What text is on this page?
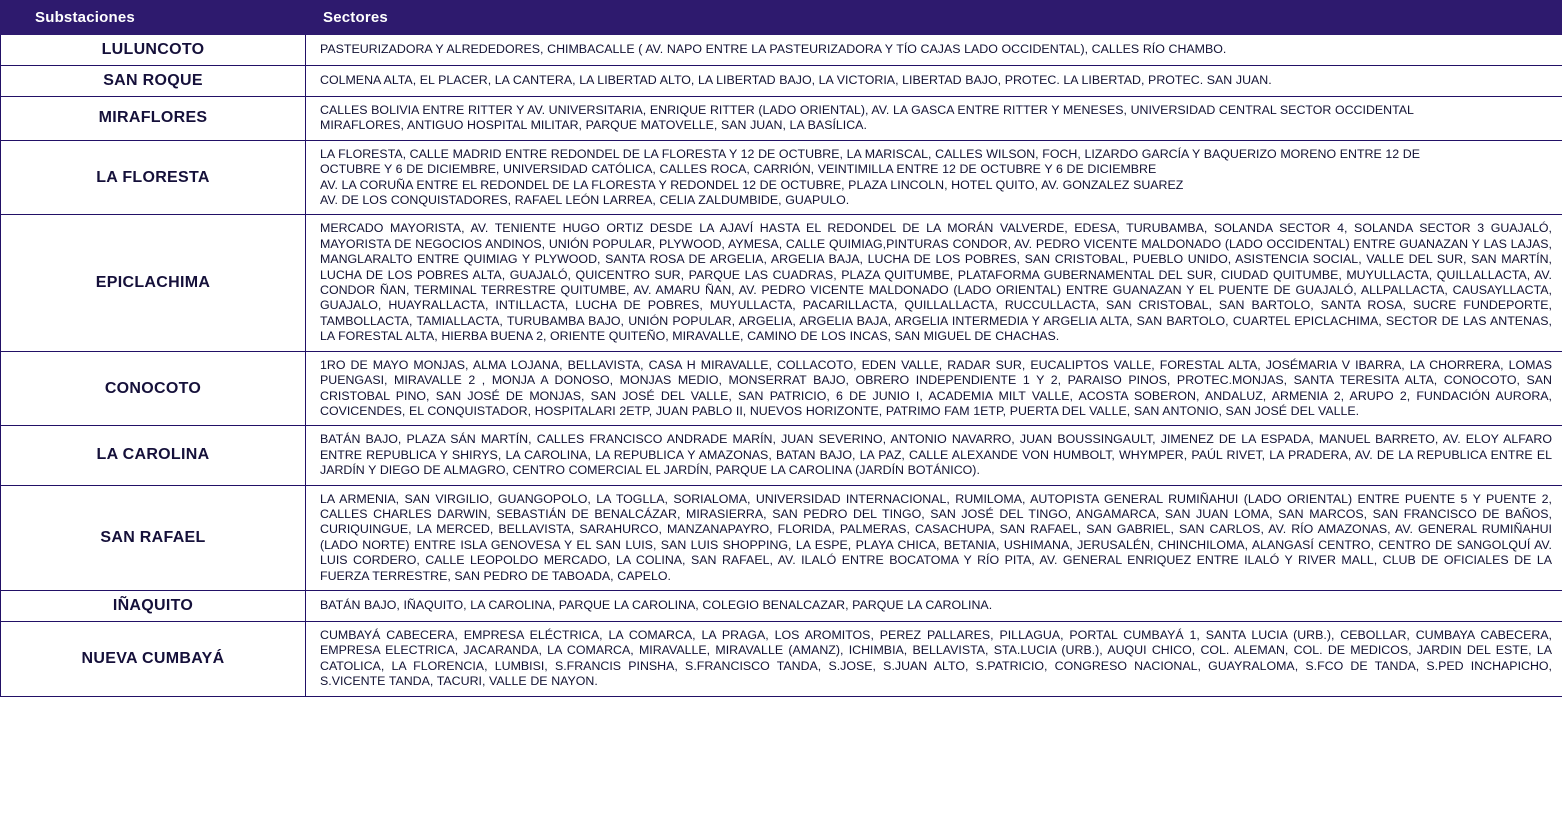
Substaciones	Sectores
LULUNCOTO	PASTEURIZADORA Y ALREDEDORES, CHIMBACALLE ( AV. NAPO ENTRE LA PASTEURIZADORA Y TÍO CAJAS LADO OCCIDENTAL), CALLES RÍO CHAMBO.

SAN ROQUE	COLMENA ALTA, EL PLACER, LA CANTERA, LA LIBERTAD ALTO, LA LIBERTAD BAJO, LA VICTORIA, LIBERTAD BAJO, PROTEC. LA LIBERTAD, PROTEC. SAN JUAN.

MIRAFLORES	CALLES BOLIVIA ENTRE RITTER Y AV. UNIVERSITARIA, ENRIQUE RITTER (LADO ORIENTAL), AV. LA GASCA ENTRE RITTER Y MENESES, UNIVERSIDAD CENTRAL SECTOR OCCIDENTAL
MIRAFLORES, ANTIGUO HOSPITAL MILITAR, PARQUE MATOVELLE, SAN JUAN, LA BASÍLICA.

LA FLORESTA	LA FLORESTA, CALLE MADRID ENTRE REDONDEL DE LA FLORESTA Y 12 DE OCTUBRE, LA MARISCAL, CALLES WILSON, FOCH, LIZARDO GARCÍA Y BAQUERIZO MORENO ENTRE 12 DE
OCTUBRE Y 6 DE DICIEMBRE, UNIVERSIDAD CATÓLICA, CALLES ROCA, CARRIÓN, VEINTIMILLA ENTRE 12 DE OCTUBRE Y 6 DE DICIEMBRE
AV. LA CORUÑA ENTRE EL REDONDEL DE LA FLORESTA Y REDONDEL 12 DE OCTUBRE, PLAZA LINCOLN, HOTEL QUITO, AV. GONZALEZ SUAREZ
AV. DE LOS CONQUISTADORES, RAFAEL LEÓN LARREA, CELIA ZALDUMBIDE, GUAPULO.

EPICLACHIMA	MERCADO MAYORISTA, AV. TENIENTE HUGO ORTIZ DESDE LA AJAVÍ HASTA EL REDONDEL DE LA MORÁN VALVERDE, EDESA, TURUBAMBA, SOLANDA SECTOR 4, SOLANDA SECTOR 3 GUAJALÓ, MAYORISTA DE NEGOCIOS ANDINOS, UNIÓN POPULAR, PLYWOOD, AYMESA, CALLE QUIMIAG,PINTURAS CONDOR, AV. PEDRO VICENTE MALDONADO (LADO OCCIDENTAL) ENTRE GUANAZAN Y LAS LAJAS, MANGLARALTO ENTRE QUIMIAG Y PLYWOOD, SANTA ROSA DE ARGELIA, ARGELIA BAJA, LUCHA DE LOS POBRES, SAN CRISTOBAL, PUEBLO UNIDO, ASISTENCIA SOCIAL, VALLE DEL SUR, SAN MARTÍN, LUCHA DE LOS POBRES ALTA, GUAJALÓ, QUICENTRO SUR, PARQUE LAS CUADRAS, PLAZA QUITUMBE, PLATAFORMA GUBERNAMENTAL DEL SUR, CIUDAD QUITUMBE, MUYULLACTA, QUILLALLACTA, AV. CONDOR ÑAN, TERMINAL TERRESTRE QUITUMBE, AV. AMARU ÑAN, AV. PEDRO VICENTE MALDONADO (LADO ORIENTAL) ENTRE GUANAZAN Y EL PUENTE DE GUAJALÓ, ALLPALLACTA, CAUSAYLLACTA, GUAJALO, HUAYRALLACTA, INTILLACTA, LUCHA DE POBRES, MUYULLACTA, PACARILLACTA, QUILLALLACTA, RUCCULLACTA, SAN CRISTOBAL, SAN BARTOLO, SANTA ROSA, SUCRE FUNDEPORTE, TAMBOLLACTA, TAMIALLACTA, TURUBAMBA BAJO, UNIÓN POPULAR, ARGELIA, ARGELIA BAJA, ARGELIA INTERMEDIA Y ARGELIA ALTA, SAN BARTOLO, CUARTEL EPICLACHIMA, SECTOR DE LAS ANTENAS, LA FORESTAL ALTA, HIERBA BUENA 2, ORIENTE QUITEÑO, MIRAVALLE, CAMINO DE LOS INCAS, SAN MIGUEL DE CHACHAS.

CONOCOTO	1RO DE MAYO MONJAS, ALMA LOJANA, BELLAVISTA, CASA H MIRAVALLE, COLLACOTO, EDEN VALLE, RADAR SUR, EUCALIPTOS VALLE, FORESTAL ALTA, JOSÉMARIA V IBARRA, LA CHORRERA, LOMAS PUENGASI, MIRAVALLE 2 , MONJA A DONOSO, MONJAS MEDIO, MONSERRAT BAJO, OBRERO INDEPENDIENTE 1 Y 2, PARAISO PINOS, PROTEC.MONJAS, SANTA TERESITA ALTA, CONOCOTO, SAN CRISTOBAL PINO, SAN JOSÉ DE MONJAS, SAN JOSÉ DEL VALLE, SAN PATRICIO, 6 DE JUNIO I, ACADEMIA MILT VALLE, ACOSTA SOBERON, ANDALUZ, ARMENIA 2, ARUPO 2, FUNDACIÓN AURORA, COVICENDES, EL CONQUISTADOR, HOSPITALARI 2ETP, JUAN PABLO II, NUEVOS HORIZONTE, PATRIMO FAM 1ETP, PUERTA DEL VALLE, SAN ANTONIO, SAN JOSÉ DEL VALLE.

LA CAROLINA	BATÁN BAJO, PLAZA SÁN MARTÍN, CALLES FRANCISCO ANDRADE MARÍN, JUAN SEVERINO, ANTONIO NAVARRO, JUAN BOUSSINGAULT, JIMENEZ DE LA ESPADA, MANUEL BARRETO, AV. ELOY ALFARO ENTRE REPUBLICA Y SHIRYS, LA CAROLINA, LA REPUBLICA Y AMAZONAS, BATAN BAJO, LA PAZ, CALLE ALEXANDE VON HUMBOLT, WHYMPER, PAÚL RIVET, LA PRADERA, AV. DE LA REPUBLICA ENTRE EL JARDÍN Y DIEGO DE ALMAGRO, CENTRO COMERCIAL EL JARDÍN, PARQUE LA CAROLINA (JARDÍN BOTÁNICO).

SAN RAFAEL	LA ARMENIA, SAN VIRGILIO, GUANGOPOLO, LA TOGLLA, SORIALOMA, UNIVERSIDAD INTERNACIONAL, RUMILOMA, AUTOPISTA GENERAL RUMIÑAHUI (LADO ORIENTAL) ENTRE PUENTE 5 Y PUENTE 2, CALLES CHARLES DARWIN, SEBASTIÁN DE BENALCÁZAR, MIRASIERRA, SAN PEDRO DEL TINGO, SAN JOSÉ DEL TINGO, ANGAMARCA, SAN JUAN LOMA, SAN MARCOS, SAN FRANCISCO DE BAÑOS, CURIQUINGUE, LA MERCED, BELLAVISTA, SARAHURCO, MANZANAPAYRO, FLORIDA, PALMERAS, CASACHUPA, SAN RAFAEL, SAN GABRIEL, SAN CARLOS, AV. RÍO AMAZONAS, AV. GENERAL RUMIÑAHUI (LADO NORTE) ENTRE ISLA GENOVESA Y EL SAN LUIS, SAN LUIS SHOPPING, LA ESPE, PLAYA CHICA, BETANIA, USHIMANA, JERUSALÉN, CHINCHILOMA, ALANGASÍ CENTRO, CENTRO DE SANGOLQUÍ AV. LUIS CORDERO, CALLE LEOPOLDO MERCADO, LA COLINA, SAN RAFAEL, AV. ILALÓ ENTRE BOCATOMA Y RÍO PITA, AV. GENERAL ENRIQUEZ ENTRE ILALÓ Y RIVER MALL, CLUB DE OFICIALES DE LA FUERZA TERRESTRE, SAN PEDRO DE TABOADA, CAPELO.

IÑAQUITO	BATÁN BAJO, IÑAQUITO, LA CAROLINA, PARQUE LA CAROLINA, COLEGIO BENALCAZAR, PARQUE LA CAROLINA.

NUEVA CUMBAYÁ	CUMBAYÁ CABECERA, EMPRESA ELÉCTRICA, LA COMARCA, LA PRAGA, LOS AROMITOS, PEREZ PALLARES, PILLAGUA, PORTAL CUMBAYÁ 1, SANTA LUCIA (URB.), CEBOLLAR, CUMBAYA CABECERA, EMPRESA ELECTRICA, JACARANDA, LA COMARCA, MIRAVALLE, MIRAVALLE (AMANZ), ICHIMBIA, BELLAVISTA, STA.LUCIA (URB.), AUQUI CHICO, COL. ALEMAN, COL. DE MEDICOS, JARDIN DEL ESTE, LA CATOLICA, LA FLORENCIA, LUMBISI, S.FRANCIS PINSHA, S.FRANCISCO TANDA, S.JOSE, S.JUAN ALTO, S.PATRICIO, CONGRESO NACIONAL, GUAYRALOMA, S.FCO DE TANDA, S.PED INCHAPICHO, S.VICENTE TANDA, TACURI, VALLE DE NAYON.
